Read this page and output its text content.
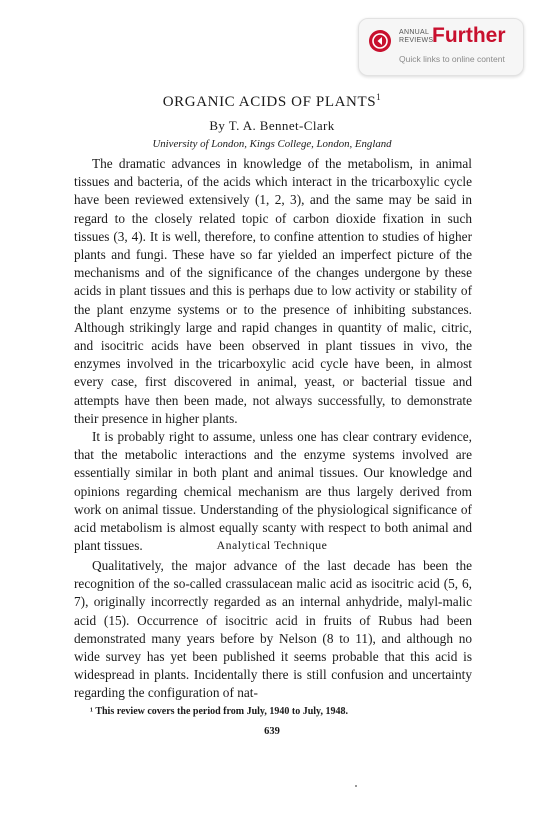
ANNUAL REVIEWS
Further
Quick links to online content
ORGANIC ACIDS OF PLANTS$^1$
By T. A. Bennet-Clark
University of London, Kings College, London, England

The dramatic advances in knowledge of the metabolism, in animal tissues and bacteria, of the acids which interact in the tricarboxylic cycle have been reviewed extensively (1, 2, 3), and the same may be said in regard to the closely related topic of carbon dioxide fixation in such tissues (3, 4). It is well, therefore, to confine attention to studies of higher plants and fungi. These have so far yielded an imperfect picture of the mechanisms and of the significance of the changes undergone by these acids in plant tissues and this is perhaps due to low activity or stability of the plant enzyme systems or to the presence of inhibiting substances. Although strikingly large and rapid changes in quantity of malic, citric, and isocitric acids have been observed in plant tissues in vivo, the enzymes involved in the tricarboxylic acid cycle have been, in almost every case, first discovered in animal, yeast, or bacterial tissue and attempts have then been made, not always successfully, to demonstrate their presence in higher plants.

It is probably right to assume, unless one has clear contrary evidence, that the metabolic interactions and the enzyme systems involved are essentially similar in both plant and animal tissues. Our knowledge and opinions regarding chemical mechanism are thus largely derived from work on animal tissue. Understanding of the physiological significance of acid metabolism is almost equally scanty with respect to both animal and plant tissues.	Analytical Technique

Qualitatively, the major advance of the last decade has been the recognition of the so-called crassulacean malic acid as isocitric acid (5, 6, 7), originally incorrectly regarded as an internal anhydride, malyl-malic acid (15). Occurrence of isocitric acid in fruits of Rubus had been demonstrated many years before by Nelson (8 to 11), and although no wide survey has yet been published it seems probable that this acid is widespread in plants. Incidentally there is still confusion and uncertainty regarding the configuration of nat-

¹ This review covers the period from July, 1940 to July, 1948.
639
